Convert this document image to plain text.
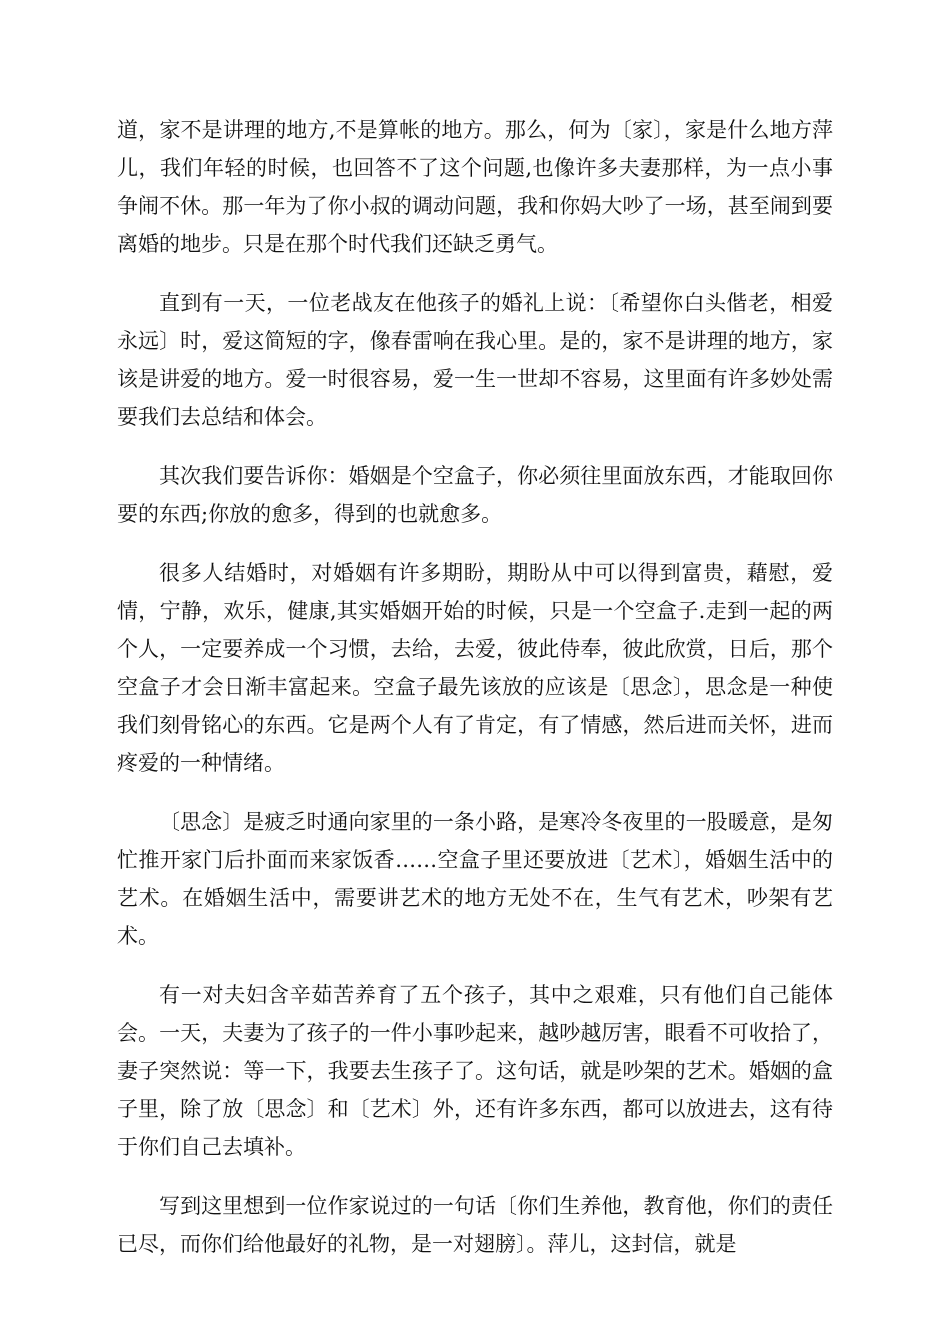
道，家不是讲理的地方,不是算帐的地方。那么，何为〔家〕，家是什么地方萍儿，我们年轻的时候，也回答不了这个问题,也像许多夫妻那样，为一点小事争闹不休。那一年为了你小叔的调动问题，我和你妈大吵了一场，甚至闹到要离婚的地步。只是在那个时代我们还缺乏勇气。

直到有一天，一位老战友在他孩子的婚礼上说：〔希望你白头偕老，相爱永远〕时，爱这简短的字，像春雷响在我心里。是的，家不是讲理的地方，家该是讲爱的地方。爱一时很容易，爱一生一世却不容易，这里面有许多妙处需要我们去总结和体会。

其次我们要告诉你：婚姻是个空盒子，你必须往里面放东西，才能取回你要的东西;你放的愈多，得到的也就愈多。

很多人结婚时，对婚姻有许多期盼，期盼从中可以得到富贵，藉慰，爱情，宁静，欢乐，健康,其实婚姻开始的时候，只是一个空盒子.走到一起的两个人，一定要养成一个习惯，去给，去爱，彼此侍奉，彼此欣赏，日后，那个空盒子才会日渐丰富起来。空盒子最先该放的应该是〔思念〕，思念是一种使我们刻骨铭心的东西。它是两个人有了肯定，有了情感，然后进而关怀，进而疼爱的一种情绪。

〔思念〕是疲乏时通向家里的一条小路，是寒冷冬夜里的一股暖意，是匆忙推开家门后扑面而来家饭香……空盒子里还要放进〔艺术〕，婚姻生活中的艺术。在婚姻生活中，需要讲艺术的地方无处不在，生气有艺术，吵架有艺术。

有一对夫妇含辛茹苦养育了五个孩子，其中之艰难，只有他们自己能体会。一天，夫妻为了孩子的一件小事吵起来，越吵越厉害，眼看不可收拾了，妻子突然说：等一下，我要去生孩子了。这句话，就是吵架的艺术。婚姻的盒子里，除了放〔思念〕和〔艺术〕外，还有许多东西，都可以放进去，这有待于你们自己去填补。

写到这里想到一位作家说过的一句话〔你们生养他，教育他，你们的责任已尽，而你们给他最好的礼物，是一对翅膀〕。萍儿，这封信，就是
